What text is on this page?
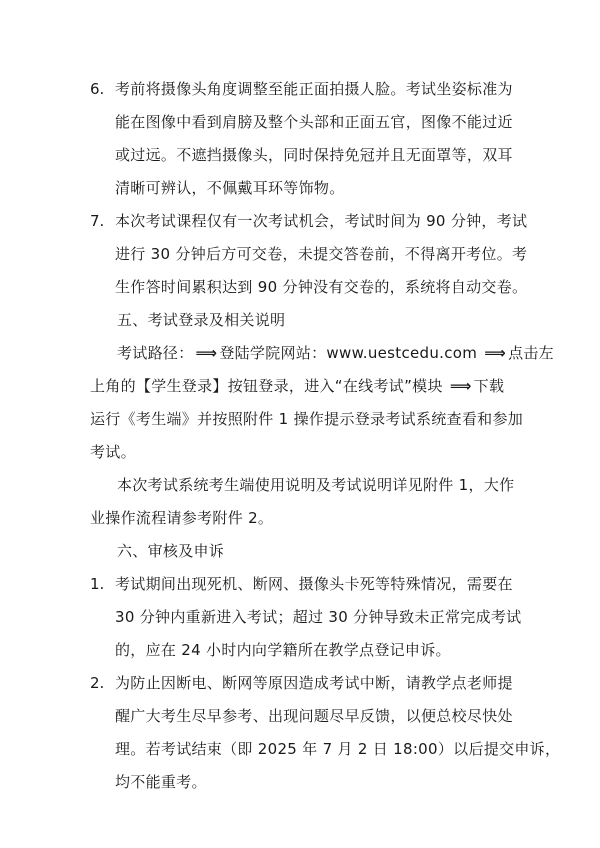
6. 考前将摄像头角度调整至能正面拍摄人脸。考试坐姿标准为
能在图像中看到肩膀及整个头部和正面五官，图像不能过近
或过远。不遮挡摄像头，同时保持免冠并且无面罩等，双耳
清晰可辨认，不佩戴耳环等饰物。
7. 本次考试课程仅有一次考试机会，考试时间为 90 分钟，考试
进行 30 分钟后方可交卷，未提交答卷前，不得离开考位。考
生作答时间累积达到 90 分钟没有交卷的，系统将自动交卷。
五、考试登录及相关说明
考试路径： ⟹ 登陆学院网站：www.uestcedu.com ⟹ 点击左
上角的【学生登录】按钮登录，进入“在线考试”模块 ⟹ 下载
运行《考生端》并按照附件 1 操作提示登录考试系统查看和参加
考试。
本次考试系统考生端使用说明及考试说明详见附件 1，大作
业操作流程请参考附件 2。
六、审核及申诉
1. 考试期间出现死机、断网、摄像头卡死等特殊情况，需要在
30 分钟内重新进入考试；超过 30 分钟导致未正常完成考试
的，应在 24 小时内向学籍所在教学点登记申诉。
2. 为防止因断电、断网等原因造成考试中断，请教学点老师提
醒广大考生尽早参考、出现问题尽早反馈，以便总校尽快处
理。若考试结束（即 2025 年 7 月 2 日 18:00）以后提交申诉，
均不能重考。
